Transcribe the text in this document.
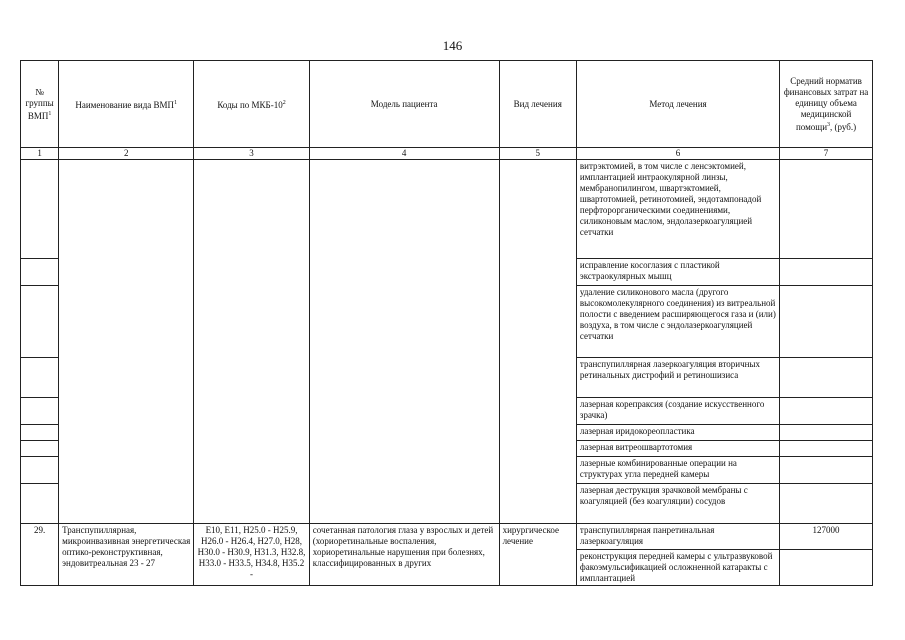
146
№ группы ВМП$^1$	Наименование вида ВМП$^1$	Коды по МКБ-$10^2$	Модель пациента	Вид лечения	Метод лечения	Средний норматив финансовых затрат на единицу объема медицинской помощи$^3$, (руб.)
1	2	3	4	5	6	7
					витрэктомией, в том числе с ленсэктомией, имплантацией интраокулярной линзы, мембранопилингом, швартэктомией, швартотомией, ретинотомией, эндотампонадой перфторорганическими соединениями, силиконовым маслом, эндолазеркоагуляцией сетчатки	
					исправление косоглазия с пластикой экстраокулярных мышц	
					удаление силиконового масла (другого высокомолекулярного соединения) из витреальной полости с введением расширяющегося газа и (или) воздуха, в том числе с эндолазеркоагуляцией сетчатки	
					транспупиллярная лазеркоагуляция вторичных ретинальных дистрофий и ретиношизиса	
					лазерная корепраксия (создание искусственного зрачка)	
					лазерная иридокореопластика	
					лазерная витреошвартотомия	
					лазерные комбинированные операции на структурах угла передней камеры	
					лазерная деструкция зрачковой мембраны с коагуляцией (без коагуляции) сосудов	
29.	Транспупиллярная, микроинвазивная энергетическая оптико-реконструктивная, эндовитреальная 23 - 27	E10, E11, H25.0 - H25.9, H26.0 - H26.4, H27.0, H28, H30.0 - H30.9, H31.3, H32.8, H33.0 - H33.5, H34.8, H35.2 -	сочетанная патология глаза у взрослых и детей (хориоретинальные воспаления, хориоретинальные нарушения при болезнях, классифицированных в других	хирургическое лечение	транспупиллярная панретинальная лазеркоагуляция	127000
					реконструкция передней камеры с ультразвуковой факоэмульсификацией осложненной катаракты с имплантацией	
